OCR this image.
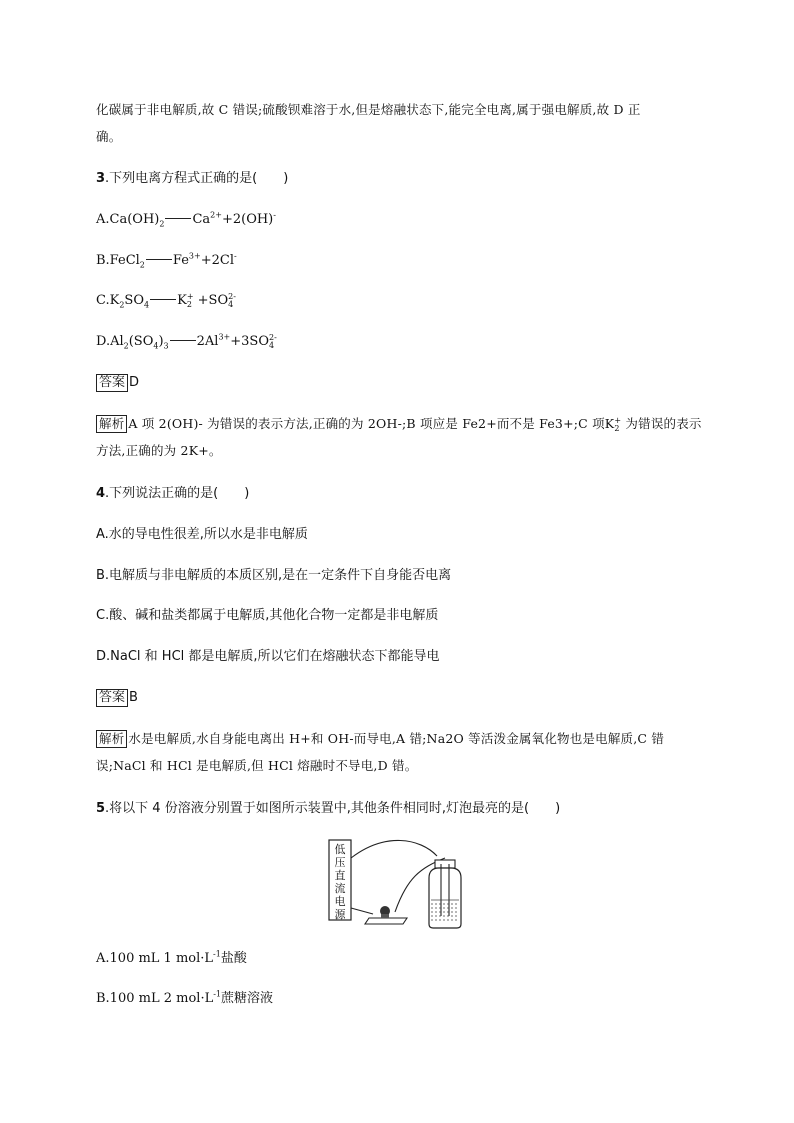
化碳属于非电解质,故 C 错误;硫酸钡难溶于水,但是熔融状态下,能完全电离,属于强电解质,故 D 正
确。
3.下列电离方程式正确的是( )
$A.Ca(OH)_2$ $Ca^{2+}+2(OH)^-$
B.FeCl$_2$ $Fe^{3+}+2Cl^-$
$C.K_2SO_4$ K +
2 +SO 2-
4
$D.Al_2(SO_4)_3$ $2Al^{3+}+3SO$ 2-
4
答案 D
解析 A 项 2(OH)- 为错误的表示方法,正确的为 2OH-;B 项应是 Fe2+而不是 Fe3+;C 项K +
2 为错误的表示
方法,正确的为 2K+。
4.下列说法正确的是( )
A.水的导电性很差,所以水是非电解质
B.电解质与非电解质的本质区别,是在一定条件下自身能否电离
C.酸、碱和盐类都属于电解质,其他化合物一定都是非电解质
D.NaCl 和 HCl 都是电解质,所以它们在熔融状态下都能导电
答案 B
解析 水是电解质,水自身能电离出 H+和 OH-而导电,A 错;Na2O 等活泼金属氧化物也是电解质,C 错
误;NaCl 和 HCl 是电解质,但 HCl 熔融时不导电,D 错。
5.将以下 4 份溶液分别置于如图所示装置中,其他条件相同时,灯泡最亮的是( )
低
压
直
流
电
源
A.100 mL 1 $mol\cdot L^{-1}$盐酸
B.100 mL 2 $mol\cdot L^{-1}$蔗糖溶液
